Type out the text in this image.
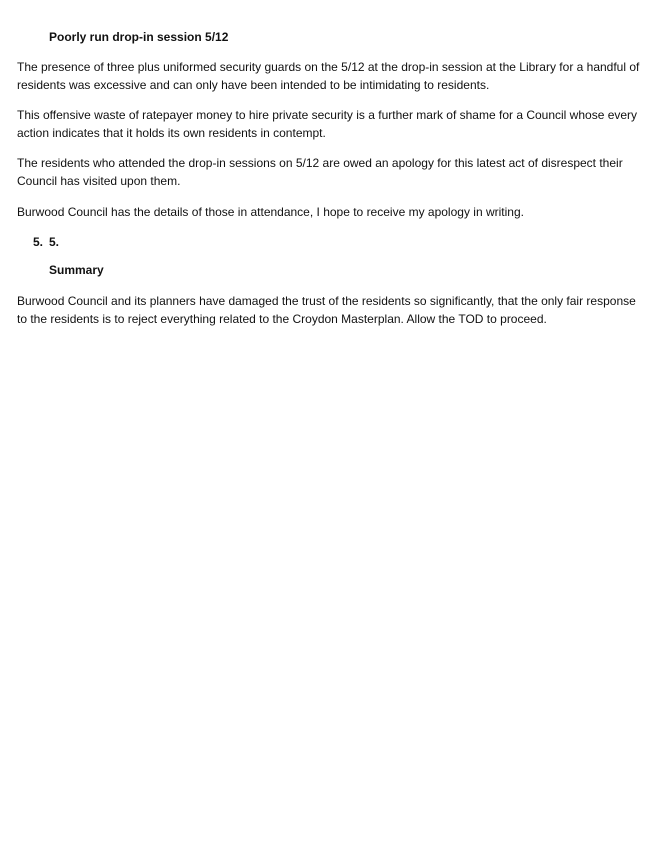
Poorly run drop-in session 5/12
The presence of three plus uniformed security guards on the 5/12 at the drop-in session at the Library for a handful of
residents was excessive and can only have been intended to be intimidating to residents.
This offensive waste of ratepayer money to hire private security is a further mark of shame for a Council whose every
action indicates that it holds its own residents in contempt.
The residents who attended the drop-in sessions on 5/12 are owed an apology for this latest act of disrespect their
Council has visited upon them.
Burwood Council has the details of those in attendance, I hope to receive my apology in writing.
5. 5.
Summary
Burwood Council and its planners have damaged the trust of the residents so significantly, that the only fair response
to the residents is to reject everything related to the Croydon Masterplan. Allow the TOD to proceed.
